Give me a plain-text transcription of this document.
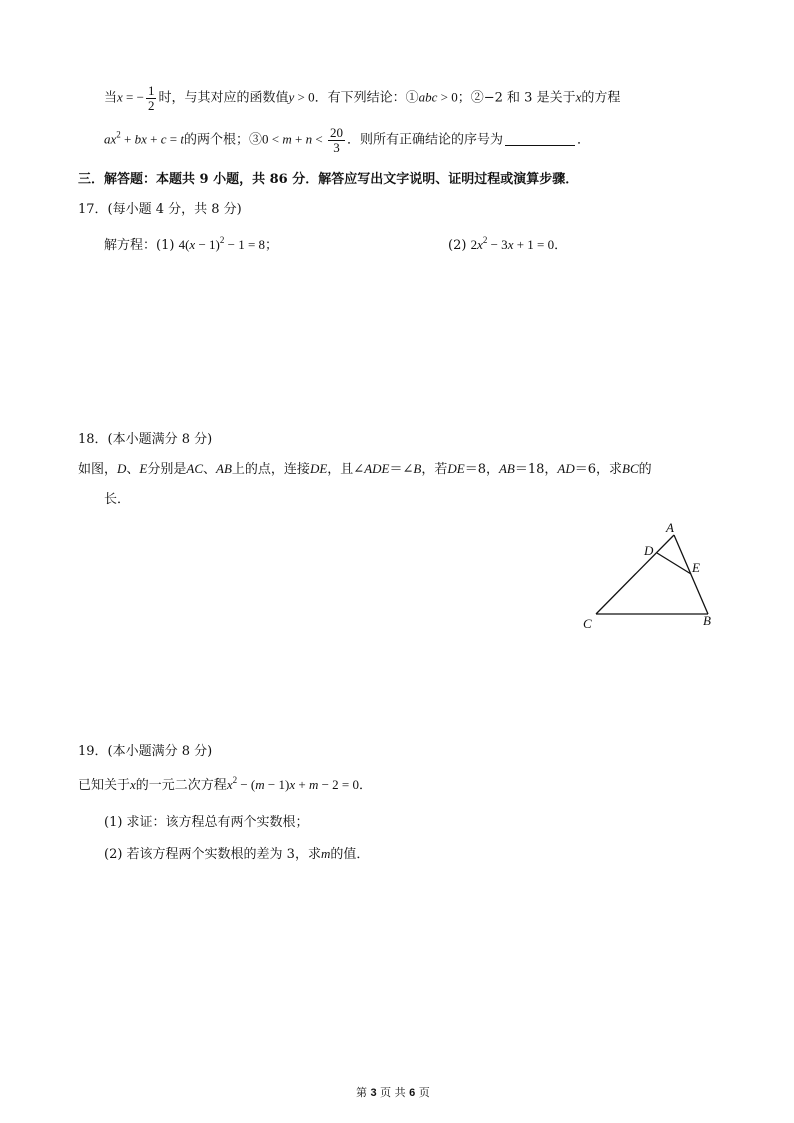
当x = − $\frac{1}{2}$ 时，与其对应的函数值y > 0．有下列结论：①abc > 0；②−2 和 3 是关于x的方程
$ax^2$ + bx + c = t的两个根；③0 < $m + n < \frac{20}{3}$ ．则所有正确结论的序号为	．
三．解答题：本题共 9 小题，共 86 分．解答应写出文字说明、证明过程或演算步骤．
17．(每小题 4 分，共 8 分)
解方程：(1) $4(x - 1)^2 - 1 = 8$；	(2) $2x^2 - 3x + 1 = 0$．
18．(本小题满分 8 分)
如图，D、E分别是AC、AB上的点，连接DE，且∠ADE＝∠B，若DE＝8，AB＝18，AD＝6，求BC的
长．
A
D
E
C	B
19．(本小题满分 8 分)
已知关于x的一元二次方程$x^2 - (m - 1)x + m - 2 = 0$．
(1) 求证：该方程总有两个实数根；
(2) 若该方程两个实数根的差为 3，求m的值．
第 3 页 共 6 页
